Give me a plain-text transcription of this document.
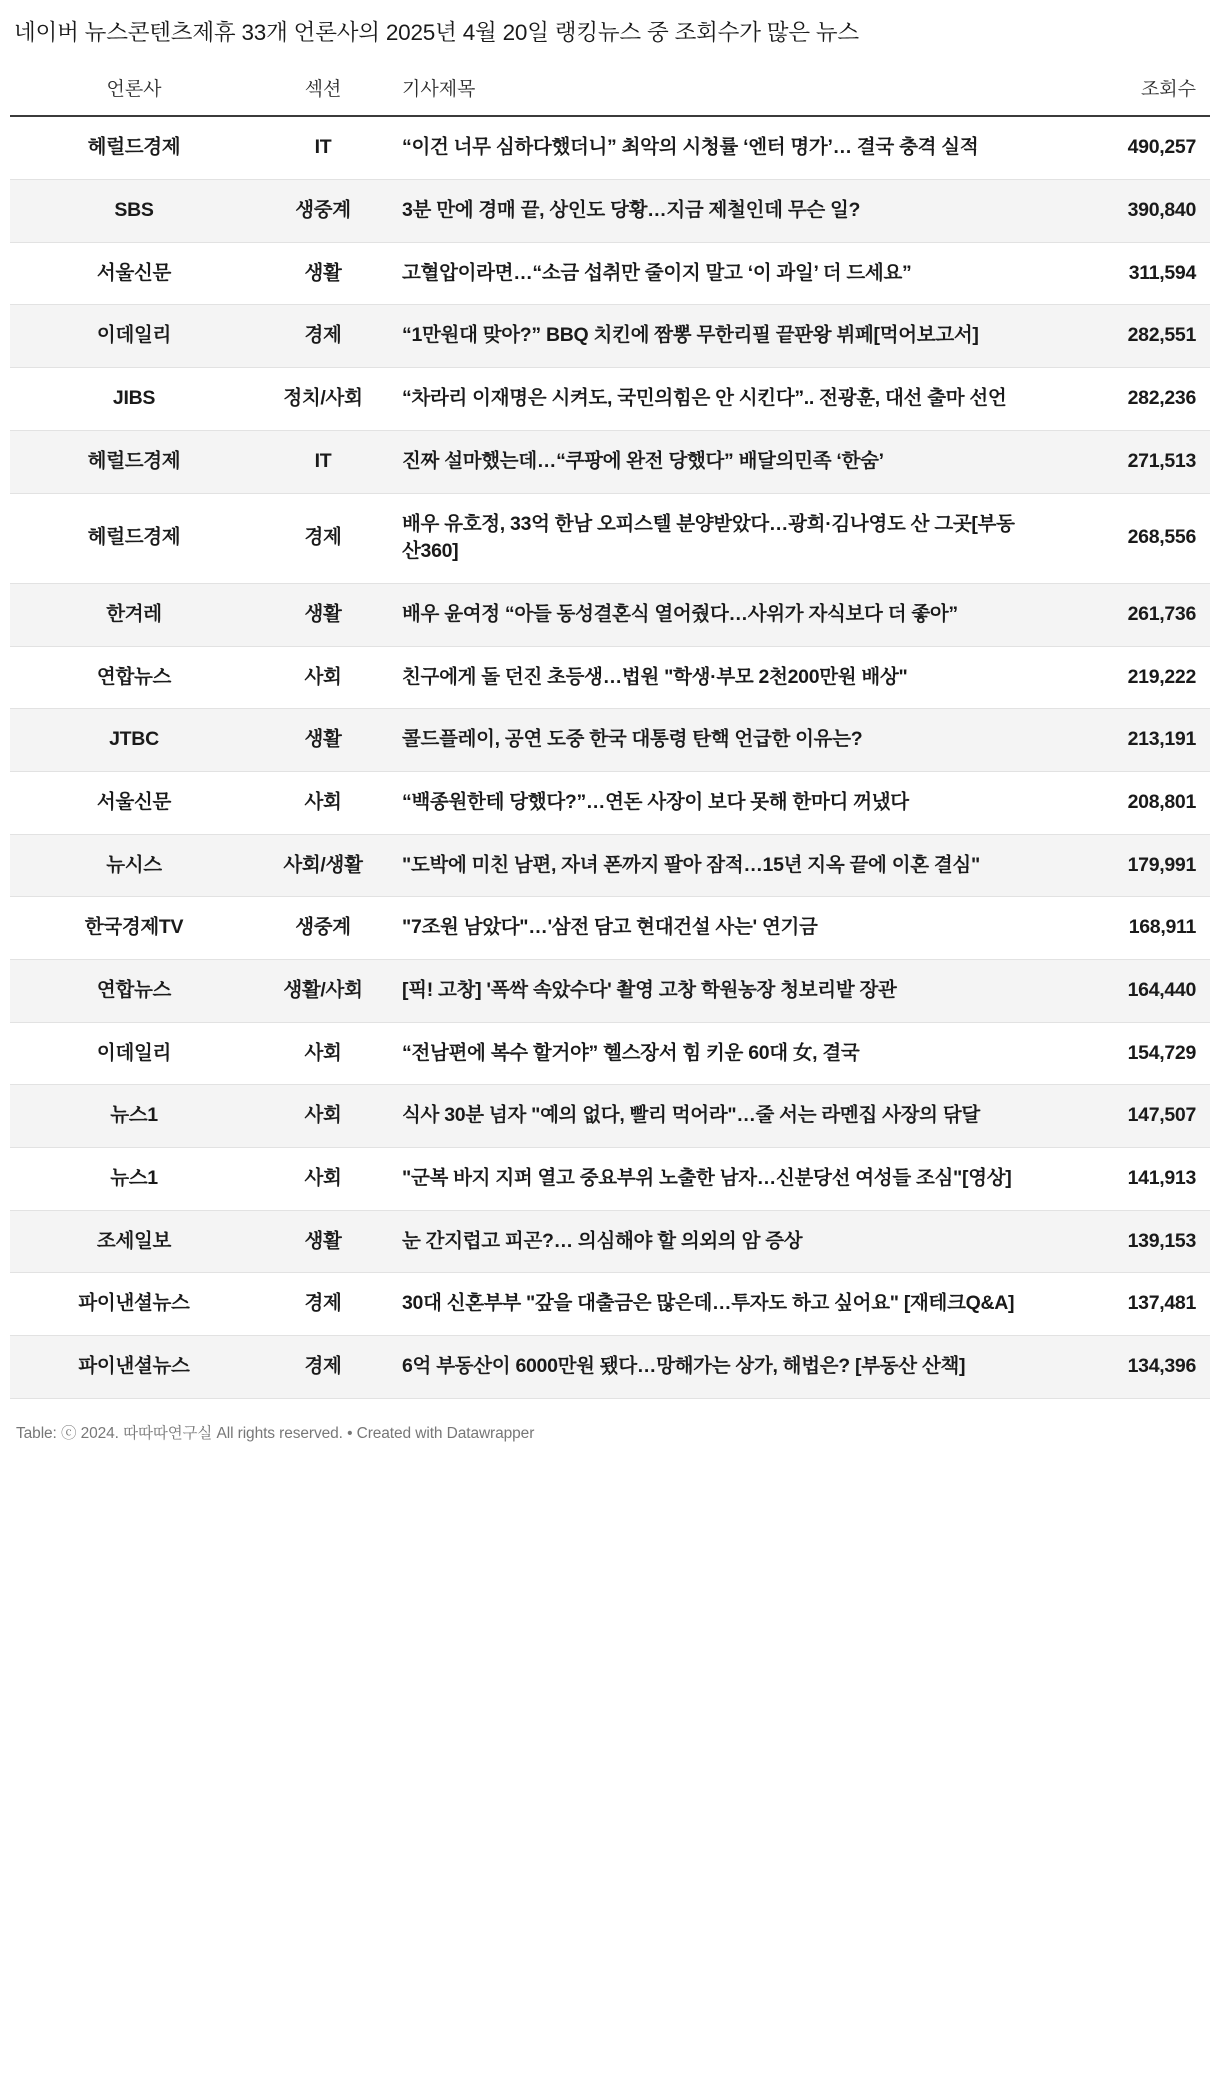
네이버 뉴스콘텐츠제휴 33개 언론사의 2025년 4월 20일 랭킹뉴스 중 조회수가 많은 뉴스
언론사	섹션	기사제목	조회수
헤럴드경제	IT	“이건 너무 심하다했더니” 최악의 시청률 ‘엔터 명가’… 결국 충격 실적	490,257
SBS	생중계	3분 만에 경매 끝, 상인도 당황…지금 제철인데 무슨 일?	390,840
서울신문	생활	고혈압이라면…“소금 섭취만 줄이지 말고 ‘이 과일’ 더 드세요”	311,594
이데일리	경제	“1만원대 맞아?” BBQ 치킨에 짬뽕 무한리필 끝판왕 뷔페[먹어보고서]	282,551
JIBS	정치/사회	“차라리 이재명은 시켜도, 국민의힘은 안 시킨다”.. 전광훈, 대선 출마 선언	282,236
헤럴드경제	IT	진짜 설마했는데…“쿠팡에 완전 당했다” 배달의민족 ‘한숨’	271,513
헤럴드경제	경제	배우 유호정, 33억 한남 오피스텔 분양받았다…광희·김나영도 산 그곳[부동산360]	268,556
한겨레	생활	배우 윤여정 “아들 동성결혼식 열어줬다…사위가 자식보다 더 좋아”	261,736
연합뉴스	사회	친구에게 돌 던진 초등생…법원 "학생·부모 2천200만원 배상"	219,222
JTBC	생활	콜드플레이, 공연 도중 한국 대통령 탄핵 언급한 이유는?	213,191
서울신문	사회	“백종원한테 당했다?”…연돈 사장이 보다 못해 한마디 꺼냈다	208,801
뉴시스	사회/생활	"도박에 미친 남편, 자녀 폰까지 팔아 잠적…15년 지옥 끝에 이혼 결심"	179,991
한국경제TV	생중계	"7조원 남았다"…'삼전 담고 현대건설 사는' 연기금	168,911
연합뉴스	생활/사회	[픽! 고창] '폭싹 속았수다' 촬영 고창 학원농장 청보리밭 장관	164,440
이데일리	사회	“전남편에 복수 할거야” 헬스장서 힘 키운 60대 女, 결국	154,729
뉴스1	사회	식사 30분 넘자 "예의 없다, 빨리 먹어라"…줄 서는 라멘집 사장의 닦달	147,507
뉴스1	사회	"군복 바지 지퍼 열고 중요부위 노출한 남자…신분당선 여성들 조심"[영상]	141,913
조세일보	생활	눈 간지럽고 피곤?… 의심해야 할 의외의 암 증상	139,153
파이낸셜뉴스	경제	30대 신혼부부 "갚을 대출금은 많은데…투자도 하고 싶어요" [재테크Q&A]	137,481
파이낸셜뉴스	경제	6억 부동산이 6000만원 됐다…망해가는 상가, 해법은? [부동산 산책]	134,396
Table: ⓒ 2024. 따따따연구실 All rights reserved. • Created with Datawrapper
